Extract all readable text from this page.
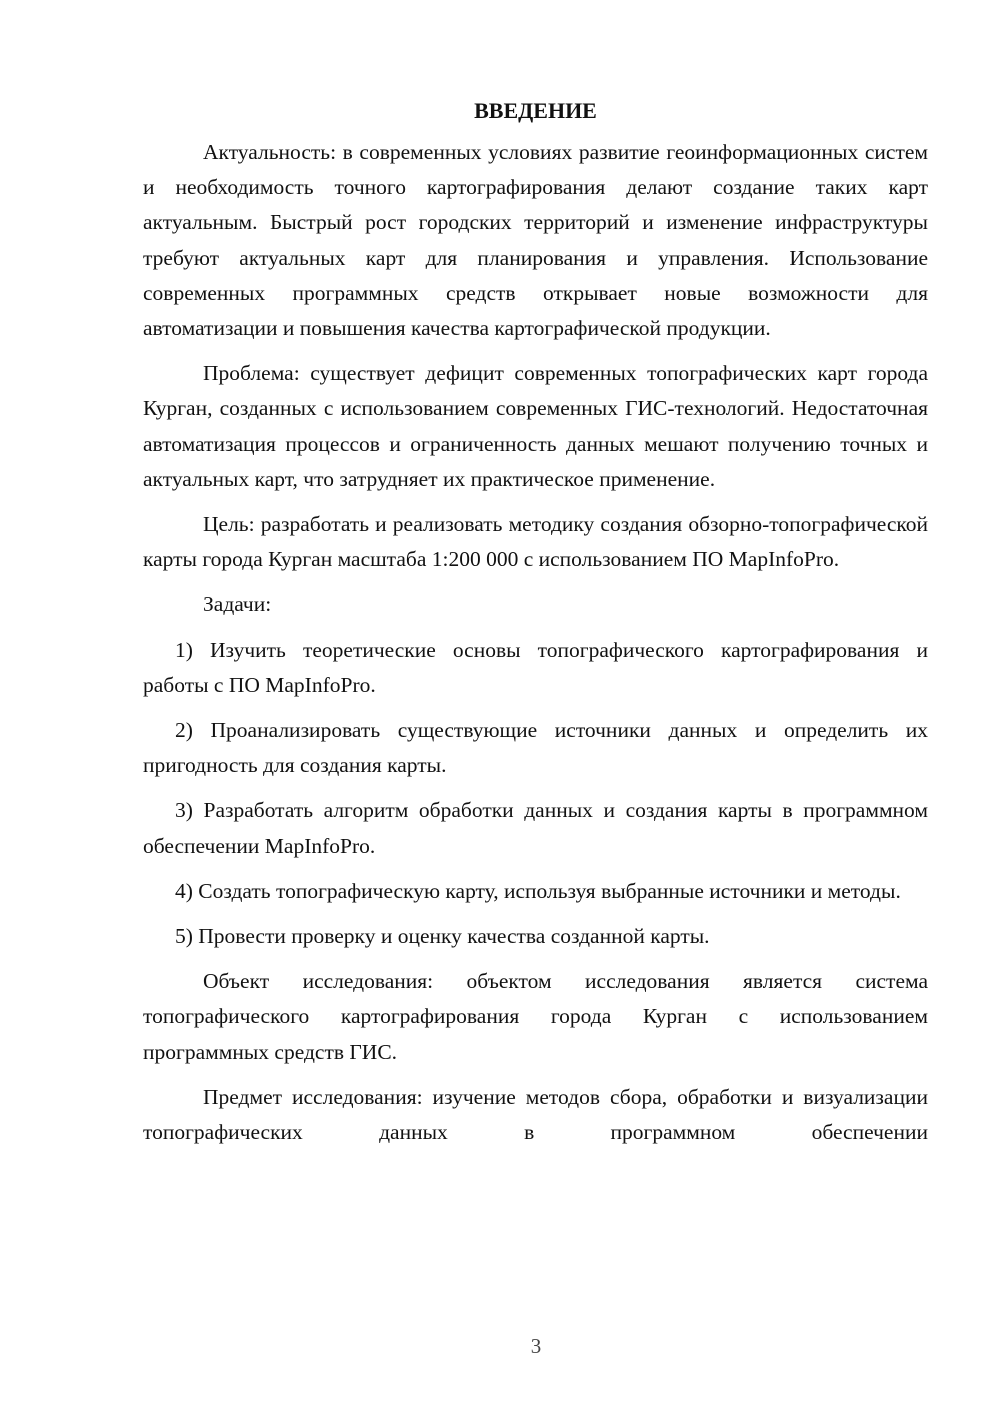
ВВЕДЕНИЕ

Актуальность: в современных условиях развитие геоинформационных систем и необходимость точного картографирования делают создание таких карт актуальным. Быстрый рост городских территорий и изменение инфраструктуры требуют актуальных карт для планирования и управления. Использование современных программных средств открывает новые возможности для автоматизации и повышения качества картографической продукции.

Проблема: существует дефицит современных топографических карт города Курган, созданных с использованием современных ГИС-технологий. Недостаточная автоматизация процессов и ограниченность данных мешают получению точных и актуальных карт, что затрудняет их практическое применение.

Цель: разработать и реализовать методику создания обзорно-топографической карты города Курган масштаба 1:200 000 с использованием ПО MapInfoPro.

Задачи:

1) Изучить теоретические основы топографического картографирования и работы с ПО MapInfoPro.

2) Проанализировать существующие источники данных и определить их пригодность для создания карты.

3) Разработать алгоритм обработки данных и создания карты в программном обеспечении MapInfoPro.

4) Создать топографическую карту, используя выбранные источники и методы.

5) Провести проверку и оценку качества созданной карты.

Объект исследования: объектом исследования является система топографического картографирования города Курган с использованием программных средств ГИС.

Предмет исследования: изучение методов сбора, обработки и визуализации топографических данных в программном обеспечении

3
